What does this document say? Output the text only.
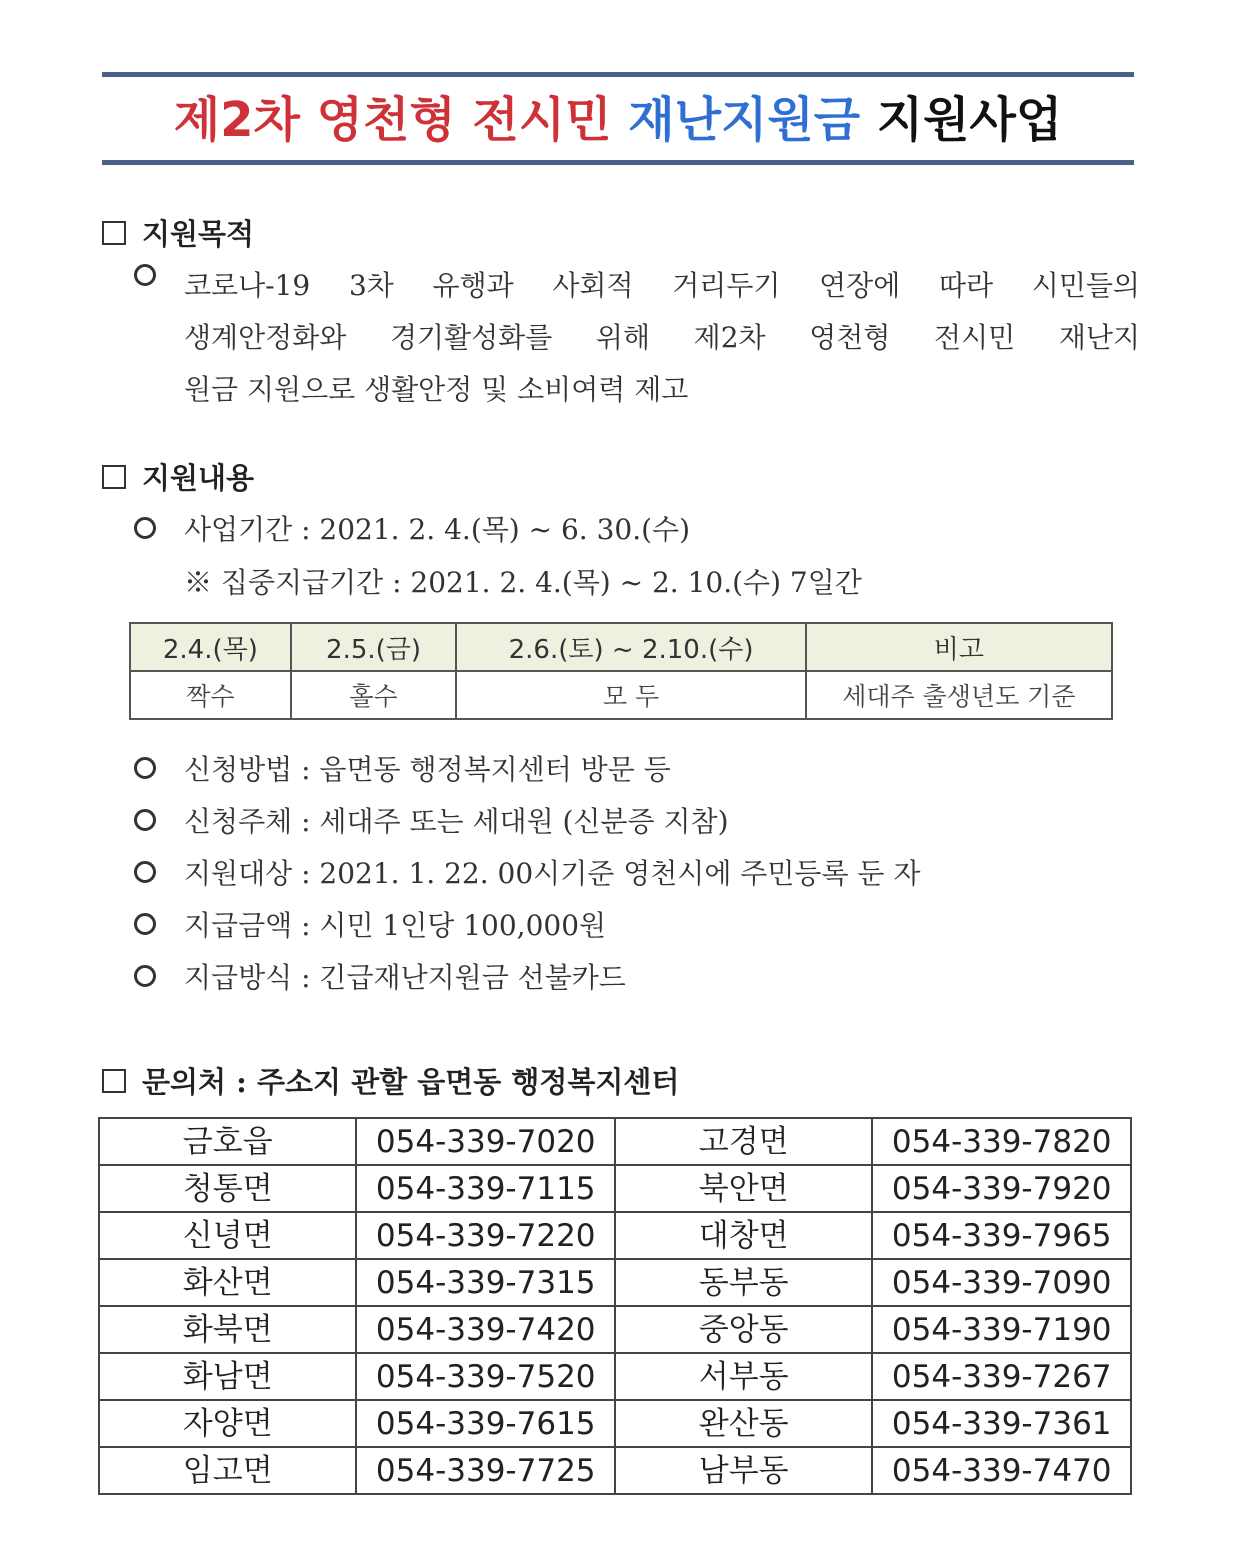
제2차 영천형 전시민 재난지원금 지원사업
지원목적
코로나-19 3차 유행과 사회적 거리두기 연장에 따라 시민들의
생계안정화와 경기활성화를 위해 제2차 영천형 전시민 재난지
원금 지원으로 생활안정 및 소비여력 제고
지원내용
사업기간 : 2021. 2. 4.(목) ~ 6. 30.(수)
※ 집중지급기간 : 2021. 2. 4.(목) ~ 2. 10.(수) 7일간
2.4.(목)	2.5.(금)	2.6.(토) ~ 2.10.(수)	비고
짝수	홀수	모 두	세대주 출생년도 기준
신청방법 : 읍면동 행정복지센터 방문 등
신청주체 : 세대주 또는 세대원 (신분증 지참)
지원대상 : 2021. 1. 22. 00시기준 영천시에 주민등록 둔 자
지급금액 : 시민 1인당 100,000원
지급방식 : 긴급재난지원금 선불카드
문의처 : 주소지 관할 읍면동 행정복지센터
금호읍	054-339-7020	고경면	054-339-7820
청통면	054-339-7115	북안면	054-339-7920
신녕면	054-339-7220	대창면	054-339-7965
화산면	054-339-7315	동부동	054-339-7090
화북면	054-339-7420	중앙동	054-339-7190
화남면	054-339-7520	서부동	054-339-7267
자양면	054-339-7615	완산동	054-339-7361
임고면	054-339-7725	남부동	054-339-7470
